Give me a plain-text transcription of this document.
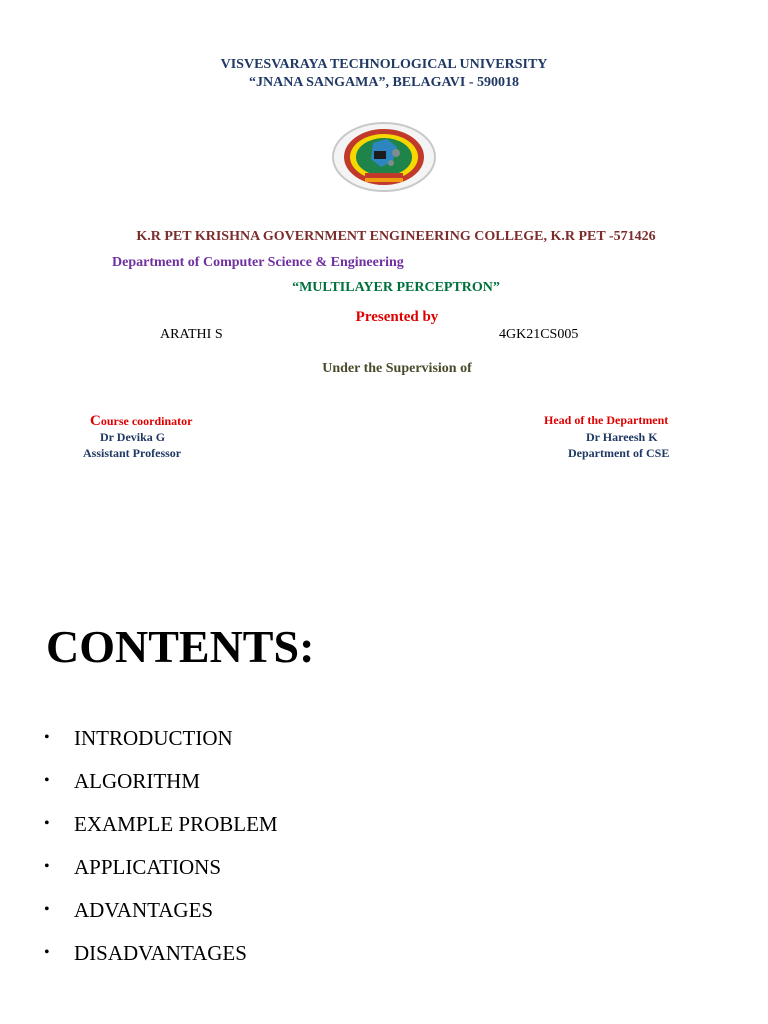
VISVESVARAYA TECHNOLOGICAL UNIVERSITY
“JNANA SANGAMA”, BELAGAVI - 590018
K.R PET KRISHNA GOVERNMENT ENGINEERING COLLEGE, K.R PET -571426
Department of Computer Science & Engineering
“MULTILAYER PERCEPTRON”
Presented by
ARATHI S	4GK21CS005
Under the Supervision of
Course coordinator
Dr Devika G
Assistant Professor
Head of the Department
Dr Hareesh K
Department of CSE
CONTENTS:
•	INTRODUCTION
•	ALGORITHM
•	EXAMPLE PROBLEM
•	APPLICATIONS
•	ADVANTAGES
•	DISADVANTAGES
